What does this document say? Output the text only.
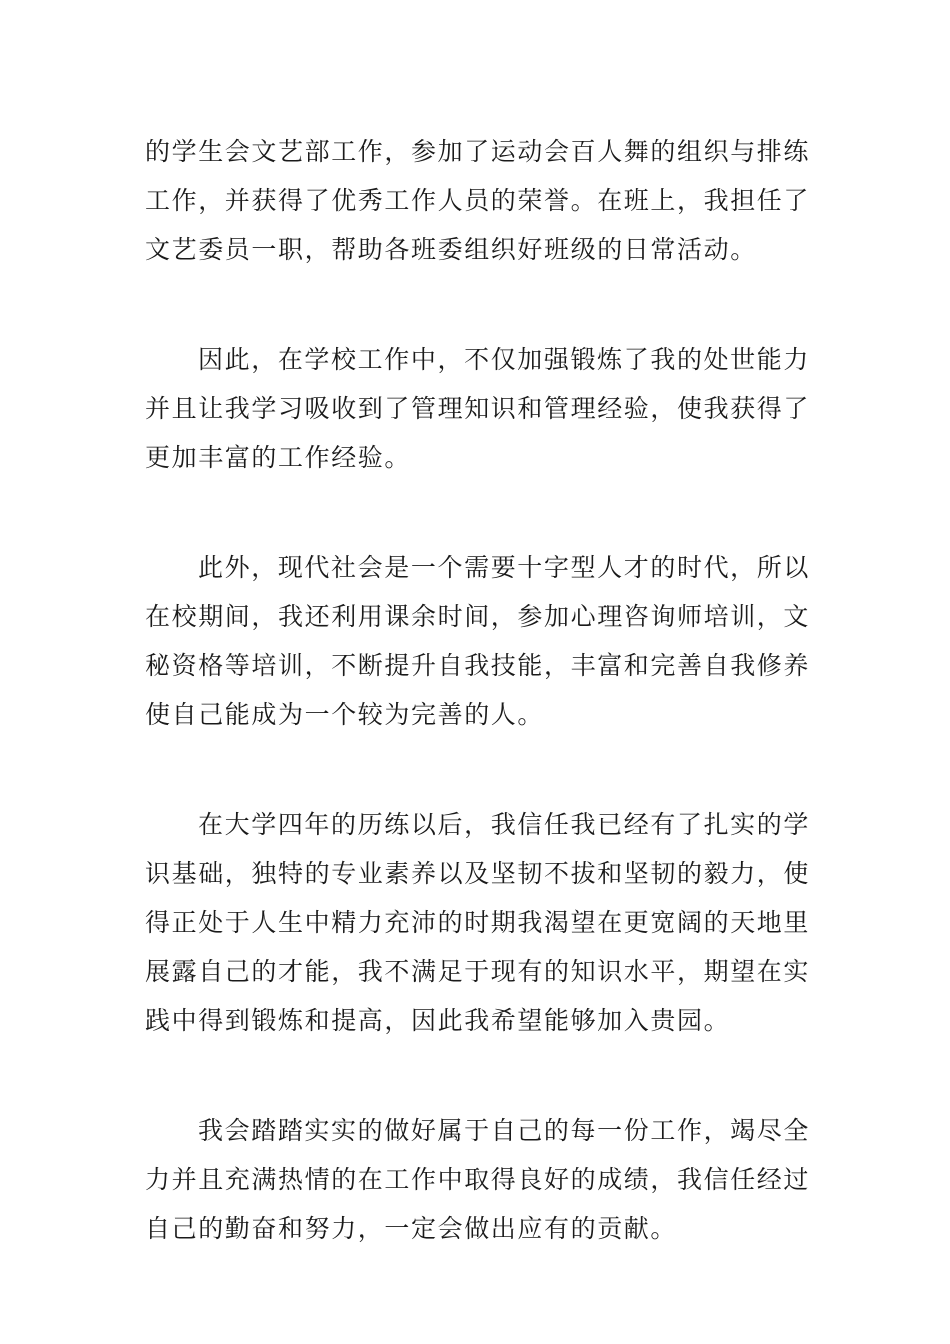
的学生会文艺部工作，参加了运动会百人舞的组织与排练工作，并获得了优秀工作人员的荣誉。在班上，我担任了文艺委员一职，帮助各班委组织好班级的日常活动。

因此，在学校工作中，不仅加强锻炼了我的处世能力并且让我学习吸收到了管理知识和管理经验，使我获得了更加丰富的工作经验。

此外，现代社会是一个需要十字型人才的时代，所以在校期间，我还利用课余时间，参加心理咨询师培训，文秘资格等培训，不断提升自我技能，丰富和完善自我修养使自己能成为一个较为完善的人。

在大学四年的历练以后，我信任我已经有了扎实的学识基础，独特的专业素养以及坚韧不拔和坚韧的毅力，使得正处于人生中精力充沛的时期我渴望在更宽阔的天地里展露自己的才能，我不满足于现有的知识水平，期望在实践中得到锻炼和提高，因此我希望能够加入贵园。

我会踏踏实实的做好属于自己的每一份工作，竭尽全力并且充满热情的在工作中取得良好的成绩，我信任经过自己的勤奋和努力，一定会做出应有的贡献。
